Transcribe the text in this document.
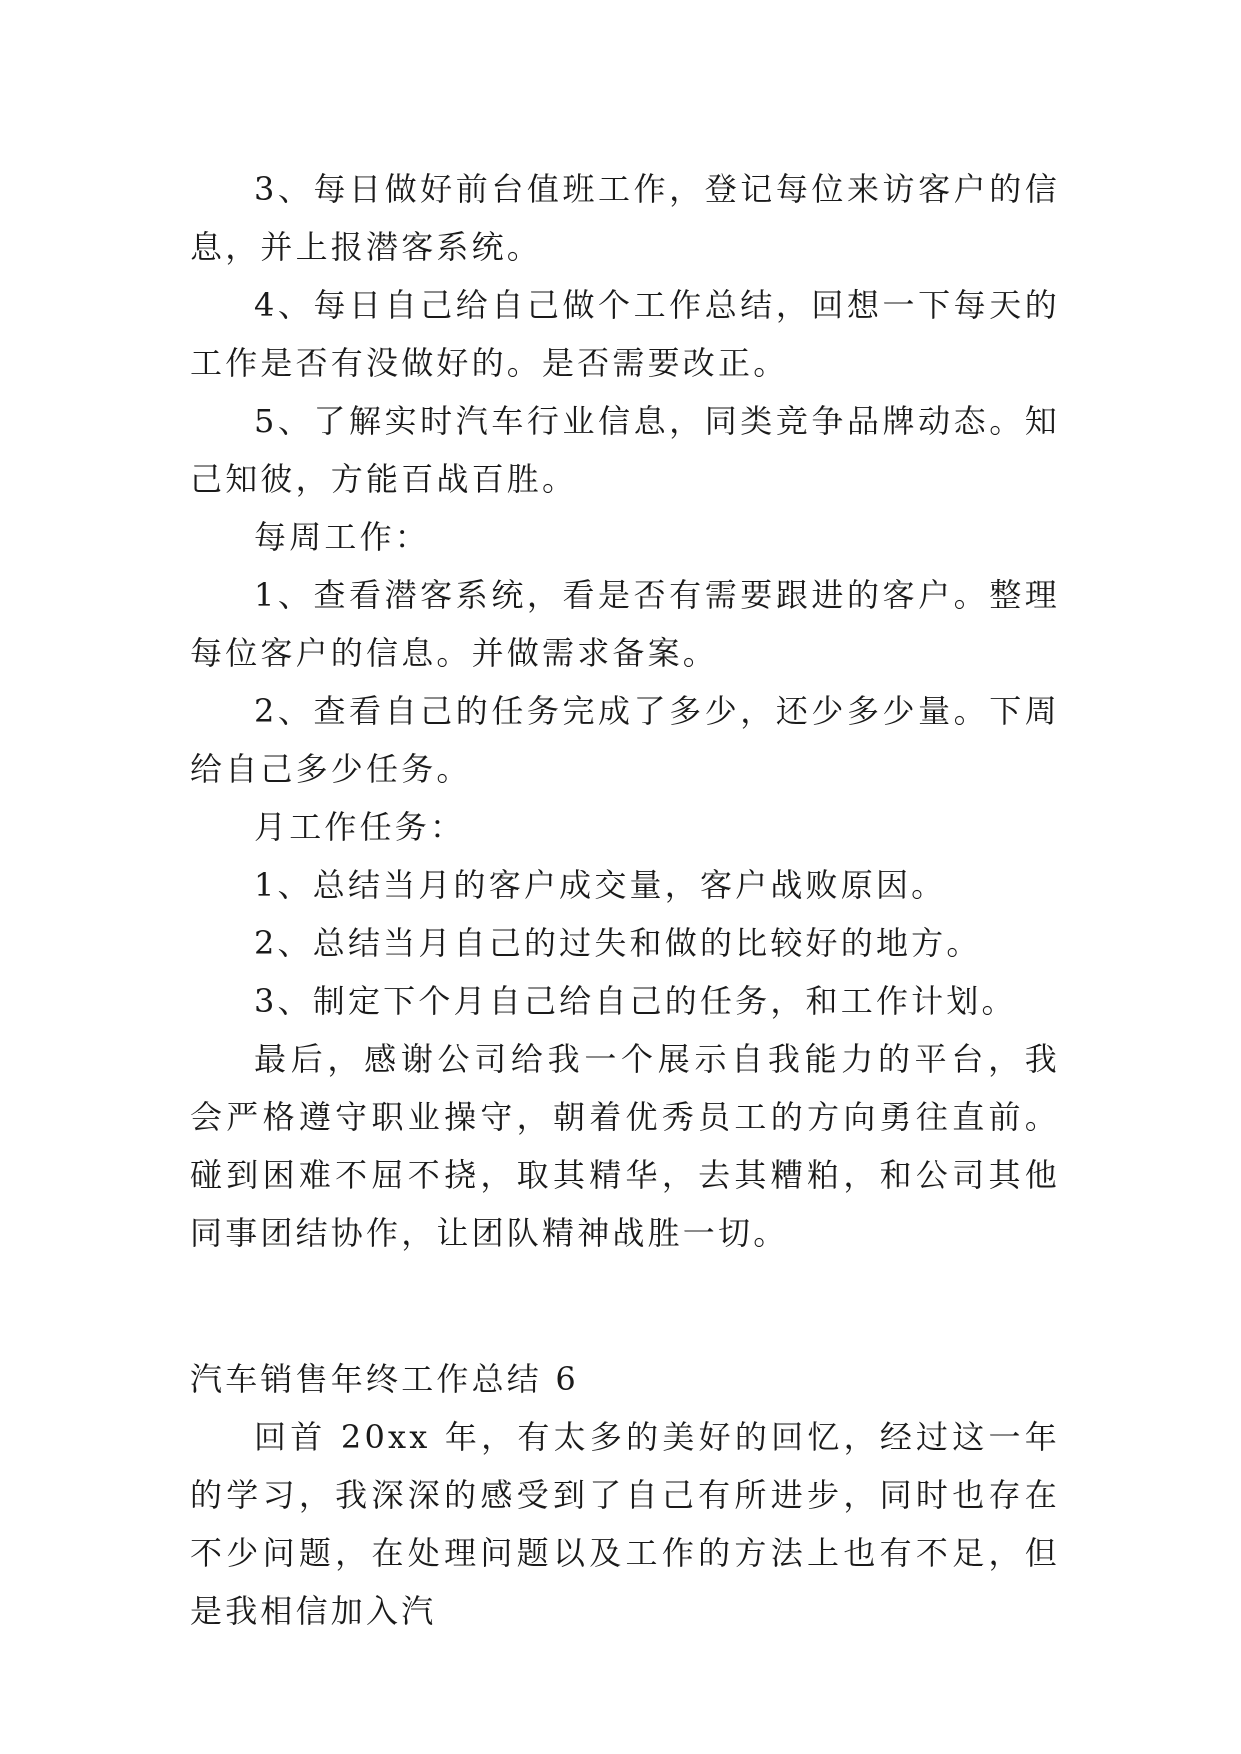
3、每日做好前台值班工作，登记每位来访客户的信息，并上报潜客系统。

4、每日自己给自己做个工作总结，回想一下每天的工作是否有没做好的。是否需要改正。

5、了解实时汽车行业信息，同类竞争品牌动态。知己知彼，方能百战百胜。

每周工作：

1、查看潜客系统，看是否有需要跟进的客户。整理每位客户的信息。并做需求备案。

2、查看自己的任务完成了多少，还少多少量。下周给自己多少任务。

月工作任务：

1、总结当月的客户成交量，客户战败原因。

2、总结当月自己的过失和做的比较好的地方。

3、制定下个月自己给自己的任务，和工作计划。

最后，感谢公司给我一个展示自我能力的平台，我会严格遵守职业操守，朝着优秀员工的方向勇往直前。碰到困难不屈不挠，取其精华，去其糟粕，和公司其他同事团结协作，让团队精神战胜一切。

汽车销售年终工作总结 6

回首 20xx 年，有太多的美好的回忆，经过这一年的学习，我深深的感受到了自己有所进步，同时也存在不少问题，在处理问题以及工作的方法上也有不足，但是我相信加入汽
